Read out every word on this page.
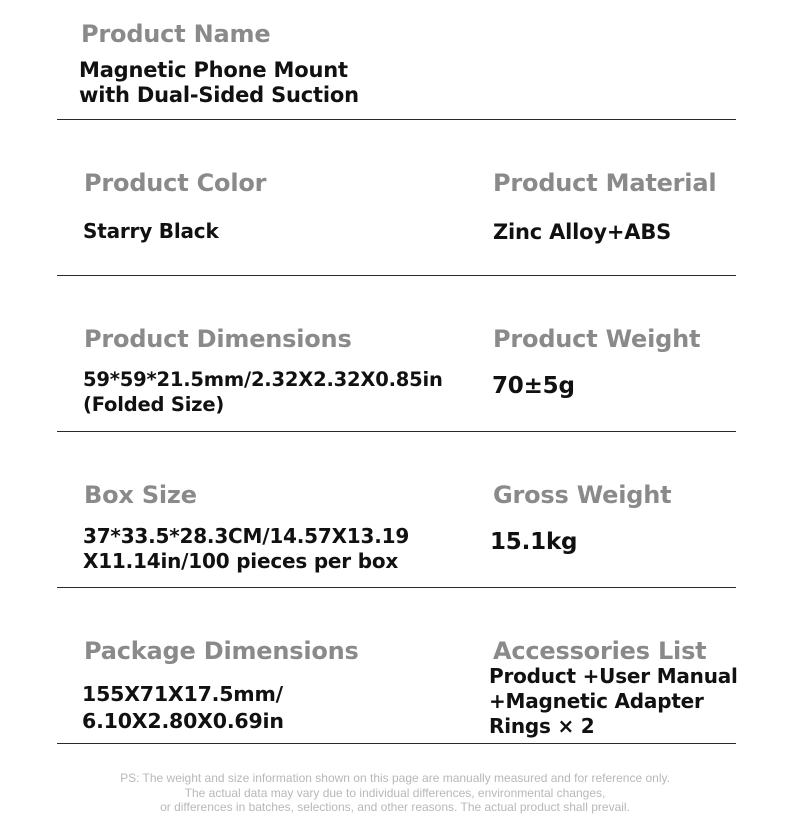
Product Name
Magnetic Phone Mount
with Dual-Sided Suction
Product Color
Starry Black
Product Material
Zinc Alloy+ABS
Product Dimensions
59*59*21.5mm/2.32X2.32X0.85in
(Folded Size)
Product Weight
70±5g
Box Size
37*33.5*28.3CM/14.57X13.19
X11.14in/100 pieces per box
Gross Weight
15.1kg
Package Dimensions
155X71X17.5mm/
6.10X2.80X0.69in
Accessories List
Product +User Manual
+Magnetic Adapter
Rings × 2
PS: The weight and size information shown on this page are manually measured and for reference only.
The actual data may vary due to individual differences, environmental changes,
or differences in batches, selections, and other reasons. The actual product shall prevail.
